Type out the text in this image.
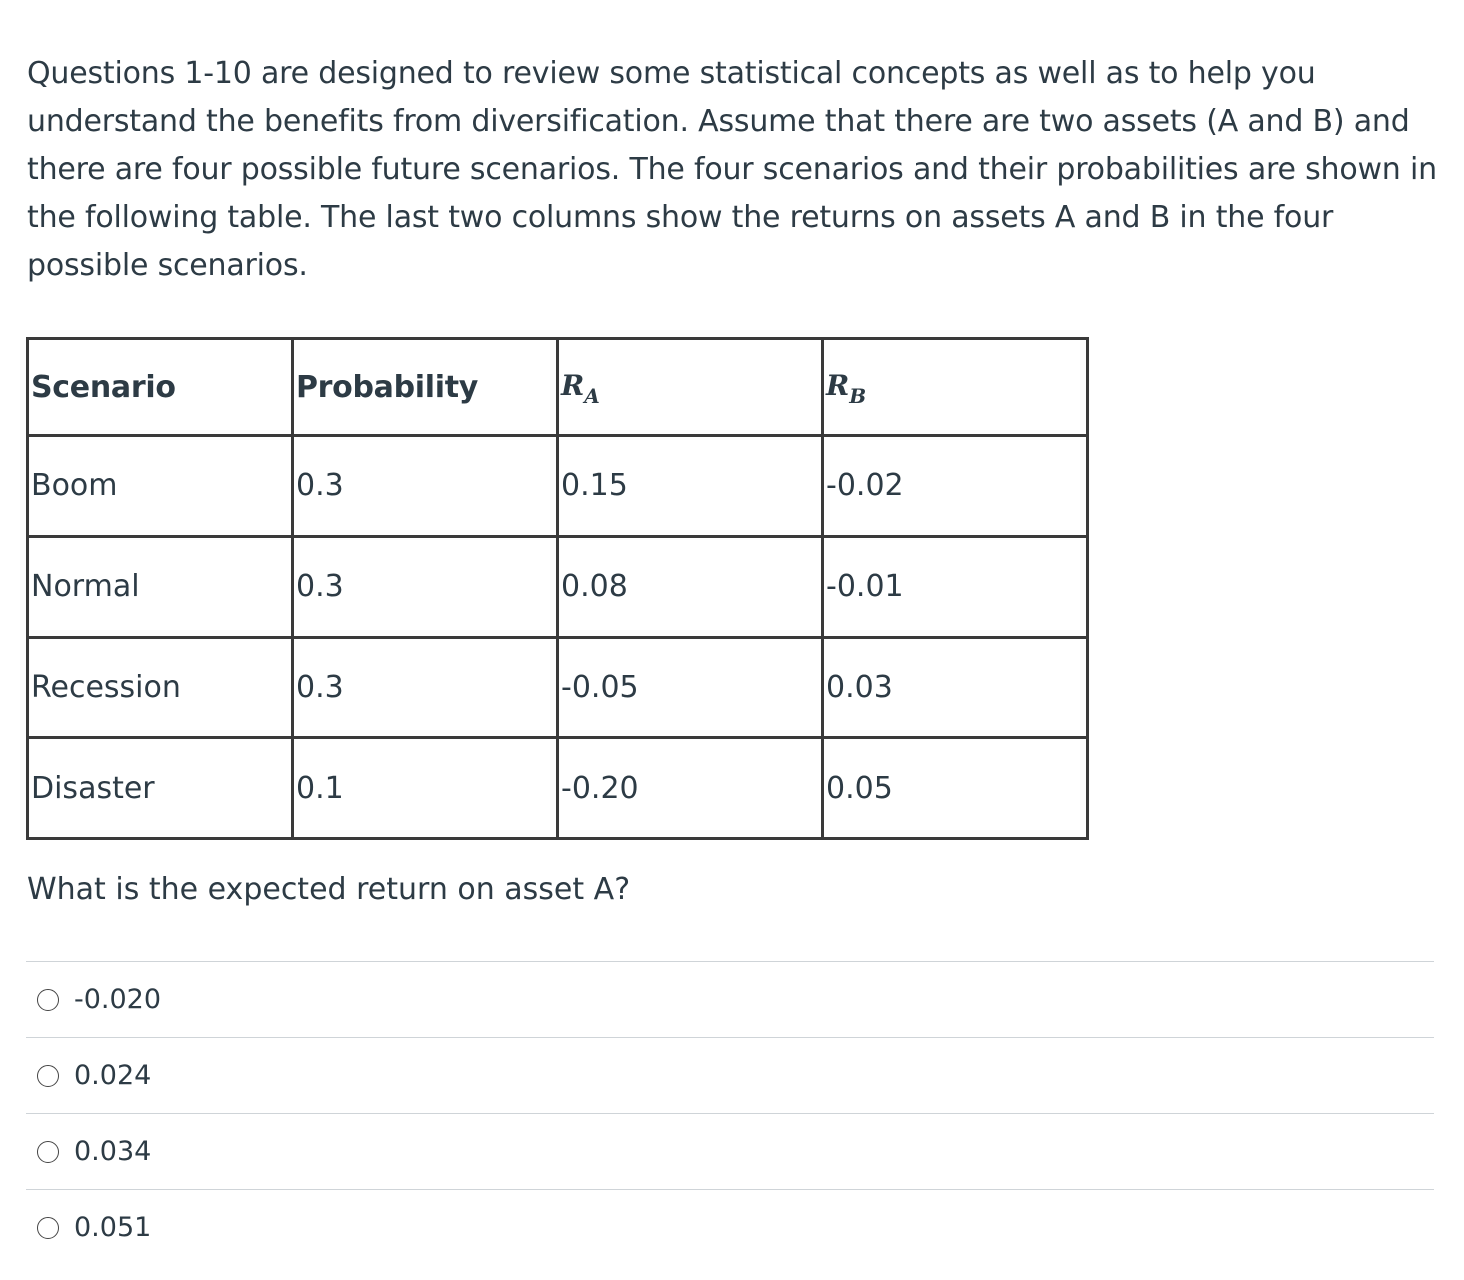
Questions 1-10 are designed to review some statistical concepts as well as to help you understand the benefits from diversification. Assume that there are two assets (A and B) and there are four possible future scenarios. The four scenarios and their probabilities are shown in the following table. The last two columns show the returns on assets A and B in the four possible scenarios.

Scenario	Probability	$R_A$	$R_B$
Boom	0.3	0.15	-0.02
Normal	0.3	0.08	-0.01
Recession	0.3	-0.05	0.03
Disaster	0.1	-0.20	0.05

What is the expected return on asset A?

-0.020
0.024
0.034
0.051
